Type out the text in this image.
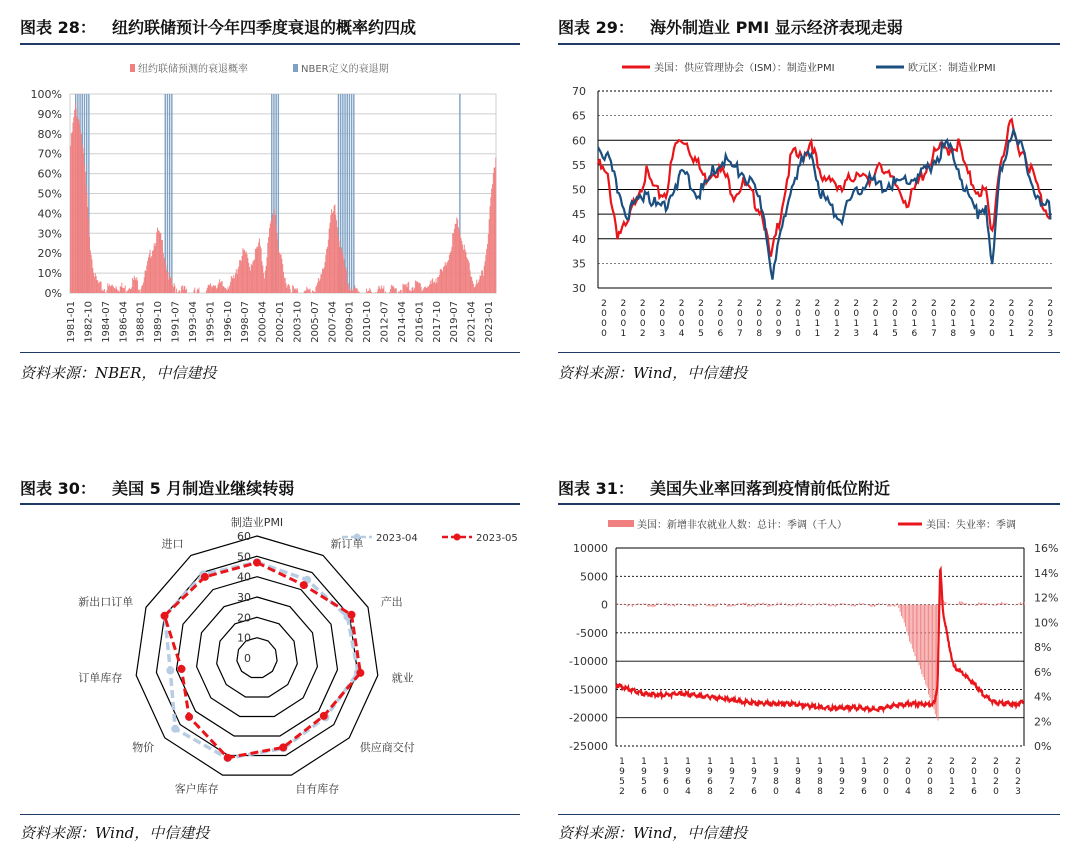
图表 28： 纽约联储预计今年四季度衰退的概率约四成
纽约联储预测的衰退概率	NBER定义的衰退期
0%
10%
20%
30%
40%
50%
60%
70%
80%
90%
100%
1981-01 1982-10 1984-07 1986-04 1988-01 1989-10 1991-07 1993-04 1995-01 1996-10 1998-07 2000-04 2002-01 2003-10 2005-07 2007-04 2009-01 2010-10 2012-07 2014-04 2016-01 2017-10 2019-07 2021-04 2023-01
资料来源：NBER，中信建投
图表 29： 海外制造业 PMI 显示经济表现走弱
美国：供应管理协会（ISM）：制造业PMI	欧元区：制造业PMI
30
35
40
45
50
55
60
65
70
2
0
0
0
2
0
0
1
2
0
0
2
2
0
0
3
2
0
0
4
2
0
0
5
2
0
0
6
2
0
0
7
2
0
0
8
2
0
0
9
2
0
1
0
2
0
1
1
2
0
1
2
2
0
1
3
2
0
1
4
2
0
1
5
2
0
1
6
2
0
1
7
2
0
1
8
2
0
1
9
2
0
2
0
2
0
2
1
2
0
2
2
2
0
2
3
资料来源：Wind，中信建投
图表 30： 美国 5 月制造业继续转弱
2023-04	2023-05
0
10
20
30
40
50
60
制造业PMI
新订单
产出
就业
供应商交付
自有库存
客户库存
物价
订单库存
新出口订单
进口
资料来源：Wind，中信建投
图表 31： 美国失业率回落到疫情前低位附近
美国：新增非农就业人数：总计：季调（千人）	美国：失业率：季调
10000
5000
0
-5000
-10000
-15000
-20000
-25000
16%
14%
12%
10%
8%
6%
4%
2%
0%
1
9
5
2
1
9
5
6
1
9
6
0
1
9
6
4
1
9
6
8
1
9
7
2
1
9
7
6
1
9
8
0
1
9
8
4
1
9
8
8
1
9
9
2
1
9
9
6
2
0
0
0
2
0
0
4
2
0
0
8
2
0
1
2
2
0
1
6
2
0
2
0
2
0
2
3
资料来源：Wind，中信建投
